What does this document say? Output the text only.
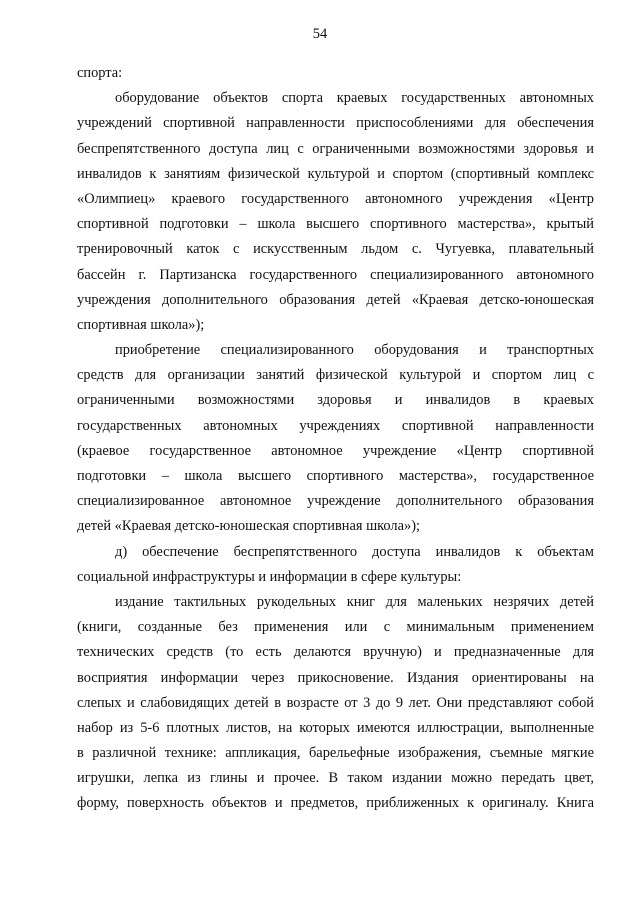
54

спорта:

оборудование объектов спорта краевых государственных автономных
учреждений спортивной направленности приспособлениями для обеспечения
беспрепятственного доступа лиц с ограниченными возможностями здоровья и
инвалидов к занятиям физической культурой и спортом (спортивный комплекс
«Олимпиец» краевого государственного автономного учреждения «Центр
спортивной подготовки – школа высшего спортивного мастерства», крытый
тренировочный каток с искусственным льдом с. Чугуевка, плавательный
бассейн г. Партизанска государственного специализированного автономного
учреждения дополнительного образования детей «Краевая детско-юношеская
спортивная школа»);

приобретение специализированного оборудования и транспортных
средств для организации занятий физической культурой и спортом лиц с
ограниченными возможностями здоровья и инвалидов в краевых
государственных автономных учреждениях спортивной направленности
(краевое государственное автономное учреждение «Центр спортивной
подготовки – школа высшего спортивного мастерства», государственное
специализированное автономное учреждение дополнительного образования
детей «Краевая детско-юношеская спортивная школа»);

д) обеспечение беспрепятственного доступа инвалидов к объектам
социальной инфраструктуры и информации в сфере культуры:

издание тактильных рукодельных книг для маленьких незрячих детей
(книги, созданные без применения или с минимальным применением
технических средств (то есть делаются вручную) и предназначенные для
восприятия информации через прикосновение. Издания ориентированы на
слепых и слабовидящих детей в возрасте от 3 до 9 лет. Они представляют собой
набор из 5-6 плотных листов, на которых имеются иллюстрации, выполненные
в различной технике: аппликация, барельефные изображения, съемные мягкие
игрушки, лепка из глины и прочее. В таком издании можно передать цвет,
форму, поверхность объектов и предметов, приближенных к оригиналу. Книга
